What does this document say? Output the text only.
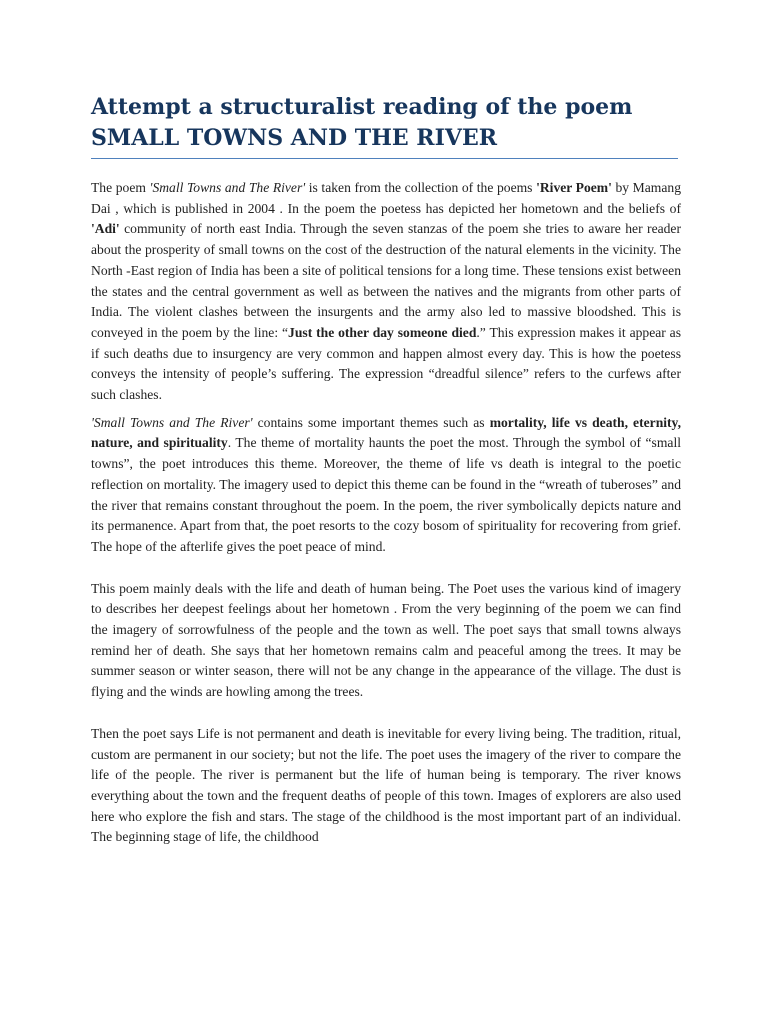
Attempt a structuralist reading of the poem

SMALL TOWNS AND THE RIVER

The poem 'Small Towns and The River' is taken from the collection of the poems 'River Poem' by Mamang Dai , which is published in 2004 . In the poem the poetess has depicted her hometown and the beliefs of 'Adi' community of north east India. Through the seven stanzas of the poem she tries to aware her reader about the prosperity of small towns on the cost of the destruction of the natural elements in the vicinity. The North -East region of India has been a site of political tensions for a long time. These tensions exist between the states and the central government as well as between the natives and the migrants from other parts of India. The violent clashes between the insurgents and the army also led to massive bloodshed. This is conveyed in the poem by the line: “Just the other day someone died.” This expression makes it appear as if such deaths due to insurgency are very common and happen almost every day. This is how the poetess conveys the intensity of people’s suffering. The expression “dreadful silence” refers to the curfews after such clashes.

'Small Towns and The River' contains some important themes such as mortality, life vs death, eternity, nature, and spirituality. The theme of mortality haunts the poet the most. Through the symbol of “small towns”, the poet introduces this theme. Moreover, the theme of life vs death is integral to the poetic reflection on mortality. The imagery used to depict this theme can be found in the “wreath of tuberoses” and the river that remains constant throughout the poem. In the poem, the river symbolically depicts nature and its permanence. Apart from that, the poet resorts to the cozy bosom of spirituality for recovering from grief. The hope of the afterlife gives the poet peace of mind.

This poem mainly deals with the life and death of human being. The Poet uses the various kind of imagery to describes her deepest feelings about her hometown . From the very beginning of the poem we can find the imagery of sorrowfulness of the people and the town as well. The poet says that small towns always remind her of death. She says that her hometown remains calm and peaceful among the trees. It may be summer season or winter season, there will not be any change in the appearance of the village. The dust is flying and the winds are howling among the trees.

Then the poet says Life is not permanent and death is inevitable for every living being. The tradition, ritual, custom are permanent in our society; but not the life. The poet uses the imagery of the river to compare the life of the people. The river is permanent but the life of human being is temporary. The river knows everything about the town and the frequent deaths of people of this town. Images of explorers are also used here who explore the fish and stars. The stage of the childhood is the most important part of an individual. The beginning stage of life, the childhood
